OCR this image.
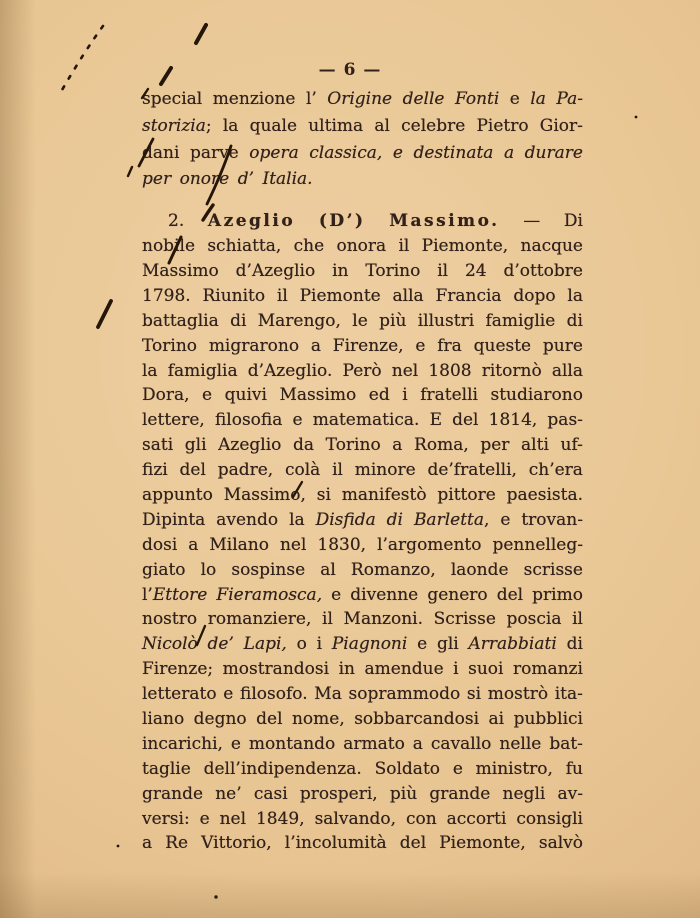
— 6 —
special menzione l’ Origine delle Fonti e la Pa-
storizia; la quale ultima al celebre Pietro Gior-
dani parve opera classica, e destinata a durare
per onore d’ Italia.
2. Azeglio (D’) Massimo. — Di
nobile schiatta, che onora il Piemonte, nacque
Massimo d’Azeglio in Torino il 24 d’ottobre
1798. Riunito il Piemonte alla Francia dopo la
battaglia di Marengo, le più illustri famiglie di
Torino migrarono a Firenze, e fra queste pure
la famiglia d’Azeglio. Però nel 1808 ritornò alla
Dora, e quivi Massimo ed i fratelli studiarono
lettere, filosofia e matematica. E del 1814, pas-
sati gli Azeglio da Torino a Roma, per alti uf-
fizi del padre, colà il minore de’fratelli, ch’era
appunto Massimo, si manifestò pittore paesista.
Dipinta avendo la Disfida di Barletta, e trovan-
dosi a Milano nel 1830, l’argomento pennelleg-
giato lo sospinse al Romanzo, laonde scrisse
l’Ettore Fieramosca, e divenne genero del primo
nostro romanziere, il Manzoni. Scrisse poscia il
Nicolò de’ Lapi, o i Piagnoni e gli Arrabbiati di
Firenze; mostrandosi in amendue i suoi romanzi
letterato e filosofo. Ma soprammodo si mostrò ita-
liano degno del nome, sobbarcandosi ai pubblici
incarichi, e montando armato a cavallo nelle bat-
taglie dell’indipendenza. Soldato e ministro, fu
grande ne’ casi prosperi, più grande negli av-
versi: e nel 1849, salvando, con accorti consigli
a Re Vittorio, l’incolumità del Piemonte, salvò
